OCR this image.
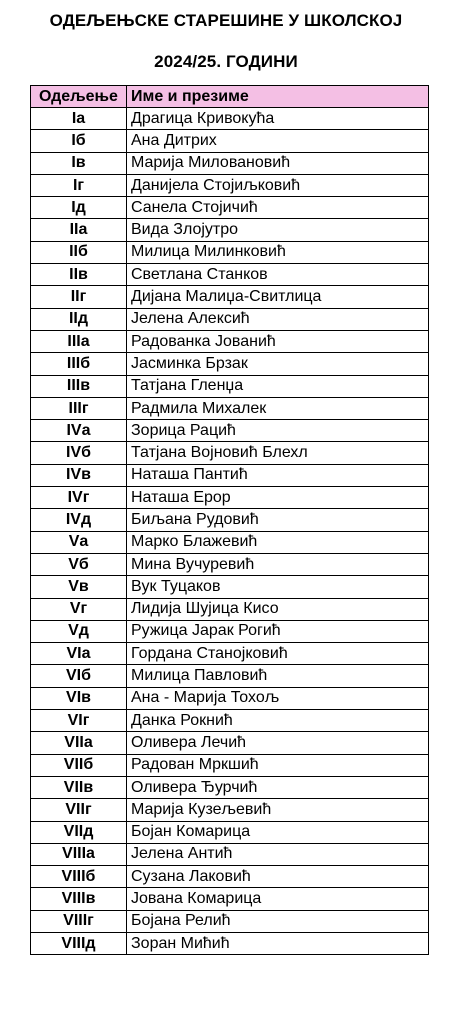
ОДЕЉЕЊСКЕ СТАРЕШИНЕ У ШКОЛСКОЈ
2024/25. ГОДИНИ
Одељење	Име и презиме
Iа	Драгица Кривокућа
Iб	Ана Дитрих
Iв	Марија Миловановић
Iг	Данијела Стојиљковић
Iд	Санела Стојичић
IIа	Вида Злојутро
IIб	Милица Милинковић
IIв	Светлана Станков
IIг	Дијана Малиџа-Свитлица
IIд	Јелена Алексић
IIIа	Радованка Јованић
IIIб	Јасминка Брзак
IIIв	Татјана Гленџа
IIIг	Радмила Михалек
IVа	Зорица Рацић
IVб	Татјана Војновић Блехл
IVв	Наташа Пантић
IVг	Наташа Ерор
IVд	Биљана Рудовић
Vа	Марко Блажевић
Vб	Мина Вучуревић
Vв	Вук Туцаков
Vг	Лидија Шујица Кисо
Vд	Ружица Јарак Рогић
VIа	Гордана Станојковић
VIб	Милица Павловић
VIв	Ана - Марија Тохољ
VIг	Данка Рокнић
VIIа	Оливера Лечић
VIIб	Радован Мркшић
VIIв	Оливера Ђурчић
VIIг	Марија Кузељевић
VIIд	Бојан Комарица
VIIIа	Јелена Антић
VIIIб	Сузана Лаковић
VIIIв	Јована Комарица
VIIIг	Бојана Релић
VIIIд	Зоран Мићић
